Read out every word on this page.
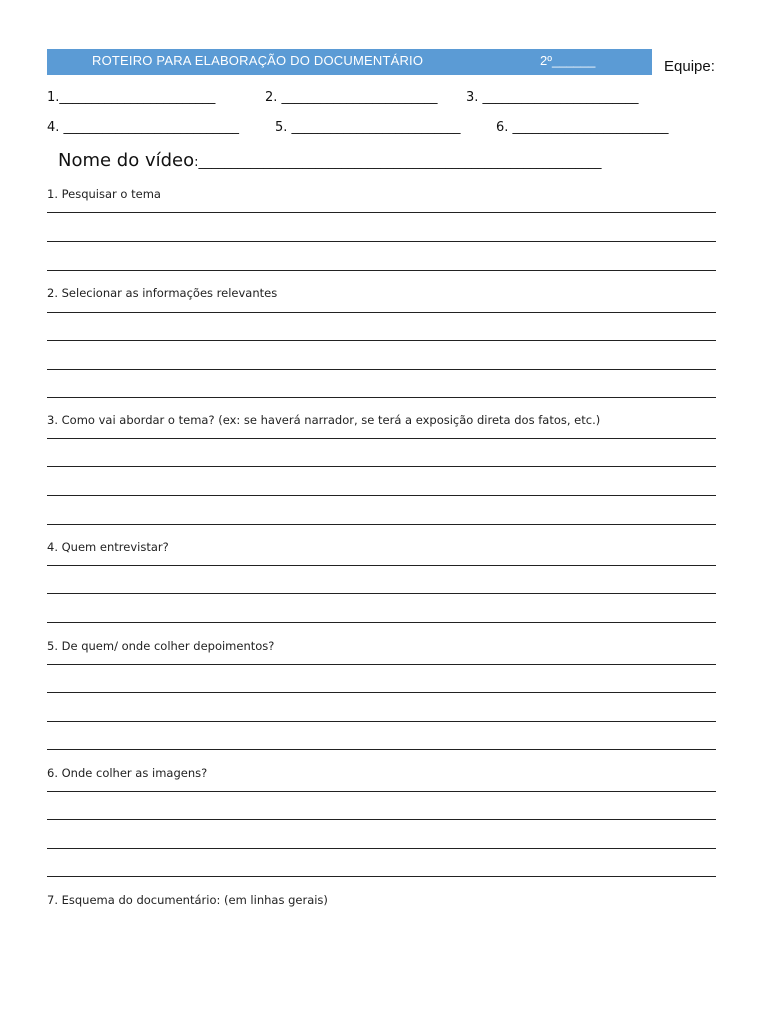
ROTEIRO PARA ELABORAÇÃO DO DOCUMENTÁRIO	2º______	Equipe:
1.________________________	2. ________________________ 3. ________________________
4. ___________________________	5. __________________________	6. ________________________
Nome do vídeo:______________________________________________________________
1. Pesquisar o tema
2. Selecionar as informações relevantes
3. Como vai abordar o tema? (ex: se haverá narrador, se terá a exposição direta dos fatos, etc.)
4. Quem entrevistar?
5. De quem/ onde colher depoimentos?
6. Onde colher as imagens?
7. Esquema do documentário: (em linhas gerais)
